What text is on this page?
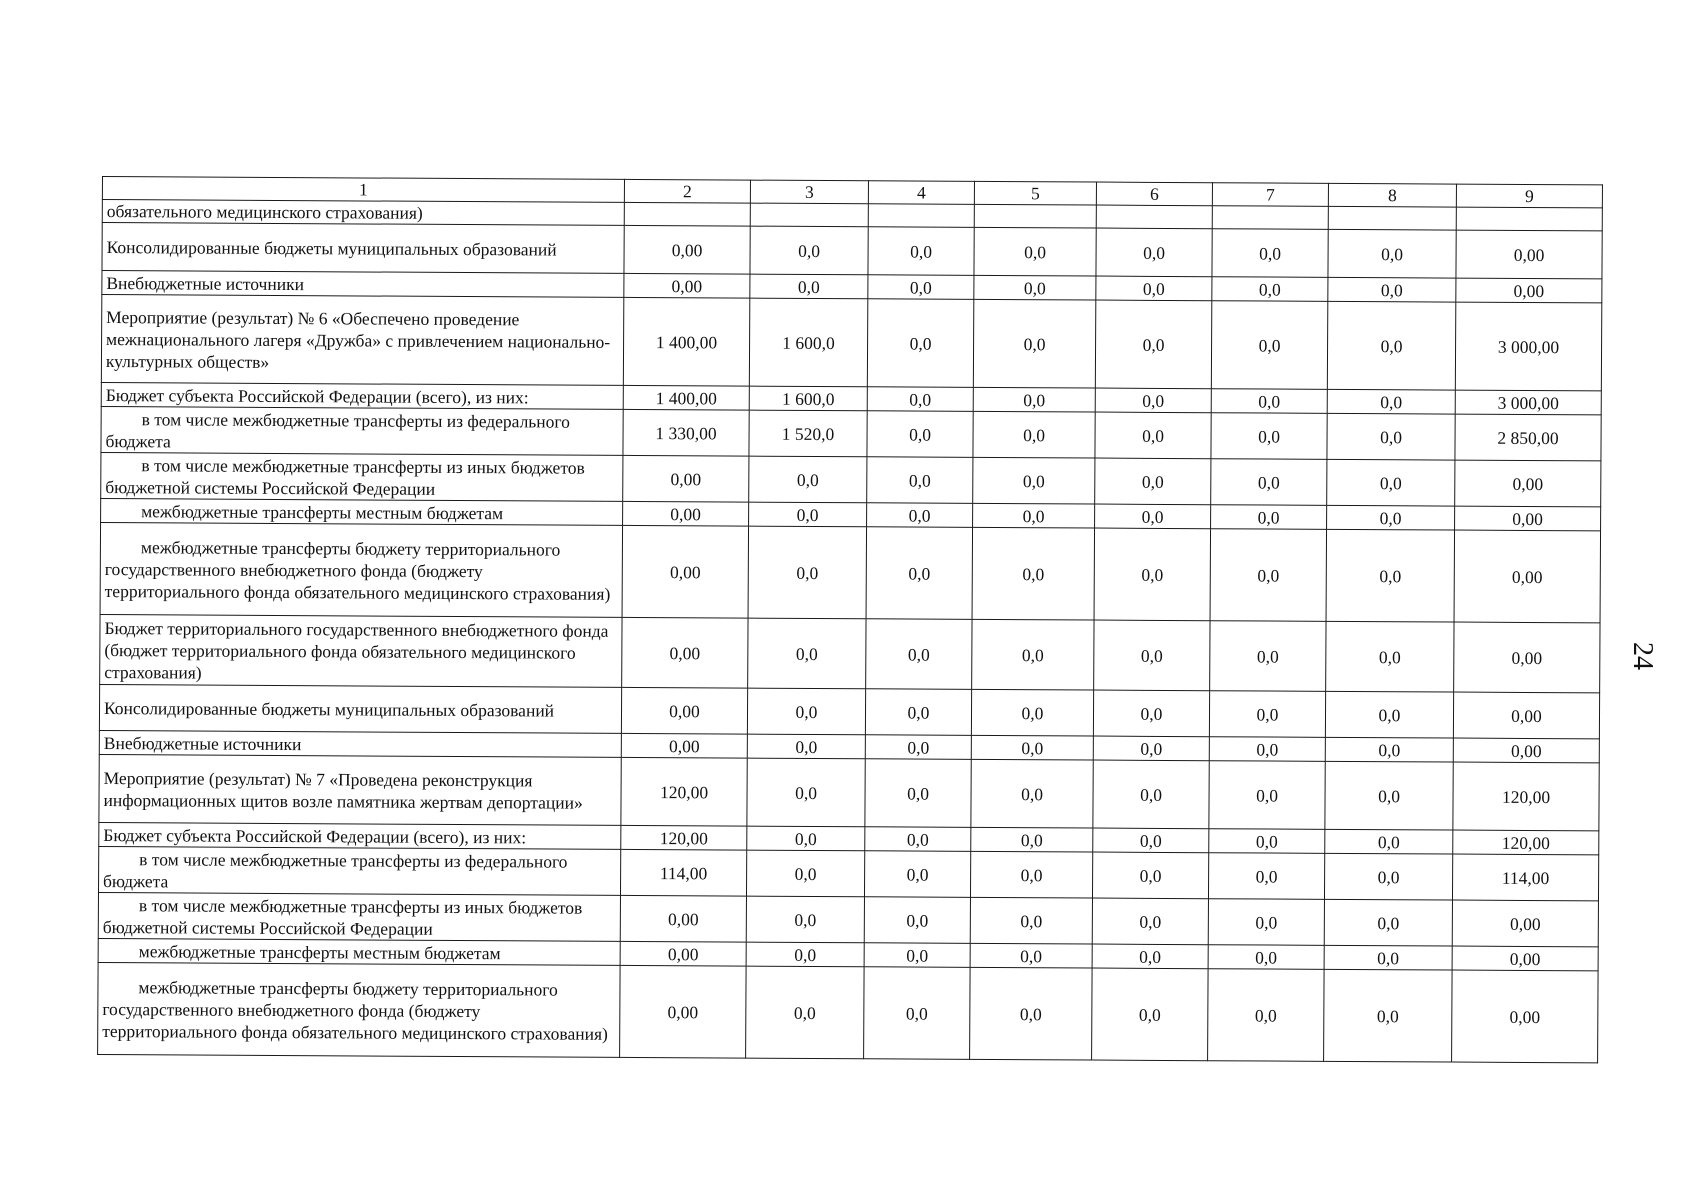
1	2	3	4	5	6	7	8	9
обязательного медицинского страхования)								
Консолидированные бюджеты муниципальных образований	0,00	0,0	0,0	0,0	0,0	0,0	0,0	0,00
Внебюджетные источники	0,00	0,0	0,0	0,0	0,0	0,0	0,0	0,00
Мероприятие (результат) № 6 «Обеспечено проведение межнационального лагеря «Дружба» с привлечением национально-культурных обществ»	1 400,00	1 600,0	0,0	0,0	0,0	0,0	0,0	3 000,00
Бюджет субъекта Российской Федерации (всего), из них:	1 400,00	1 600,0	0,0	0,0	0,0	0,0	0,0	3 000,00

в том числе межбюджетные трансферты из федерального бюджета	1 330,00	1 520,0	0,0	0,0	0,0	0,0	0,0	2 850,00

в том числе межбюджетные трансферты из иных бюджетов бюджетной системы Российской Федерации	0,00	0,0	0,0	0,0	0,0	0,0	0,0	0,00

межбюджетные трансферты местным бюджетам	0,00	0,0	0,0	0,0	0,0	0,0	0,0	0,00

межбюджетные трансферты бюджету территориального государственного внебюджетного фонда (бюджету территориального фонда обязательного медицинского страхования)	0,00	0,0	0,0	0,0	0,0	0,0	0,0	0,00
Бюджет территориального государственного внебюджетного фонда (бюджет территориального фонда обязательного медицинского страхования)	0,00	0,0	0,0	0,0	0,0	0,0	0,0	0,00
Консолидированные бюджеты муниципальных образований	0,00	0,0	0,0	0,0	0,0	0,0	0,0	0,00
Внебюджетные источники	0,00	0,0	0,0	0,0	0,0	0,0	0,0	0,00
Мероприятие (результат) № 7 «Проведена реконструкция информационных щитов возле памятника жертвам депортации»	120,00	0,0	0,0	0,0	0,0	0,0	0,0	120,00
Бюджет субъекта Российской Федерации (всего), из них:	120,00	0,0	0,0	0,0	0,0	0,0	0,0	120,00

в том числе межбюджетные трансферты из федерального бюджета	114,00	0,0	0,0	0,0	0,0	0,0	0,0	114,00

в том числе межбюджетные трансферты из иных бюджетов бюджетной системы Российской Федерации	0,00	0,0	0,0	0,0	0,0	0,0	0,0	0,00

межбюджетные трансферты местным бюджетам	0,00	0,0	0,0	0,0	0,0	0,0	0,0	0,00

межбюджетные трансферты бюджету территориального государственного внебюджетного фонда (бюджету территориального фонда обязательного медицинского страхования)	0,00	0,0	0,0	0,0	0,0	0,0	0,0	0,00
24
